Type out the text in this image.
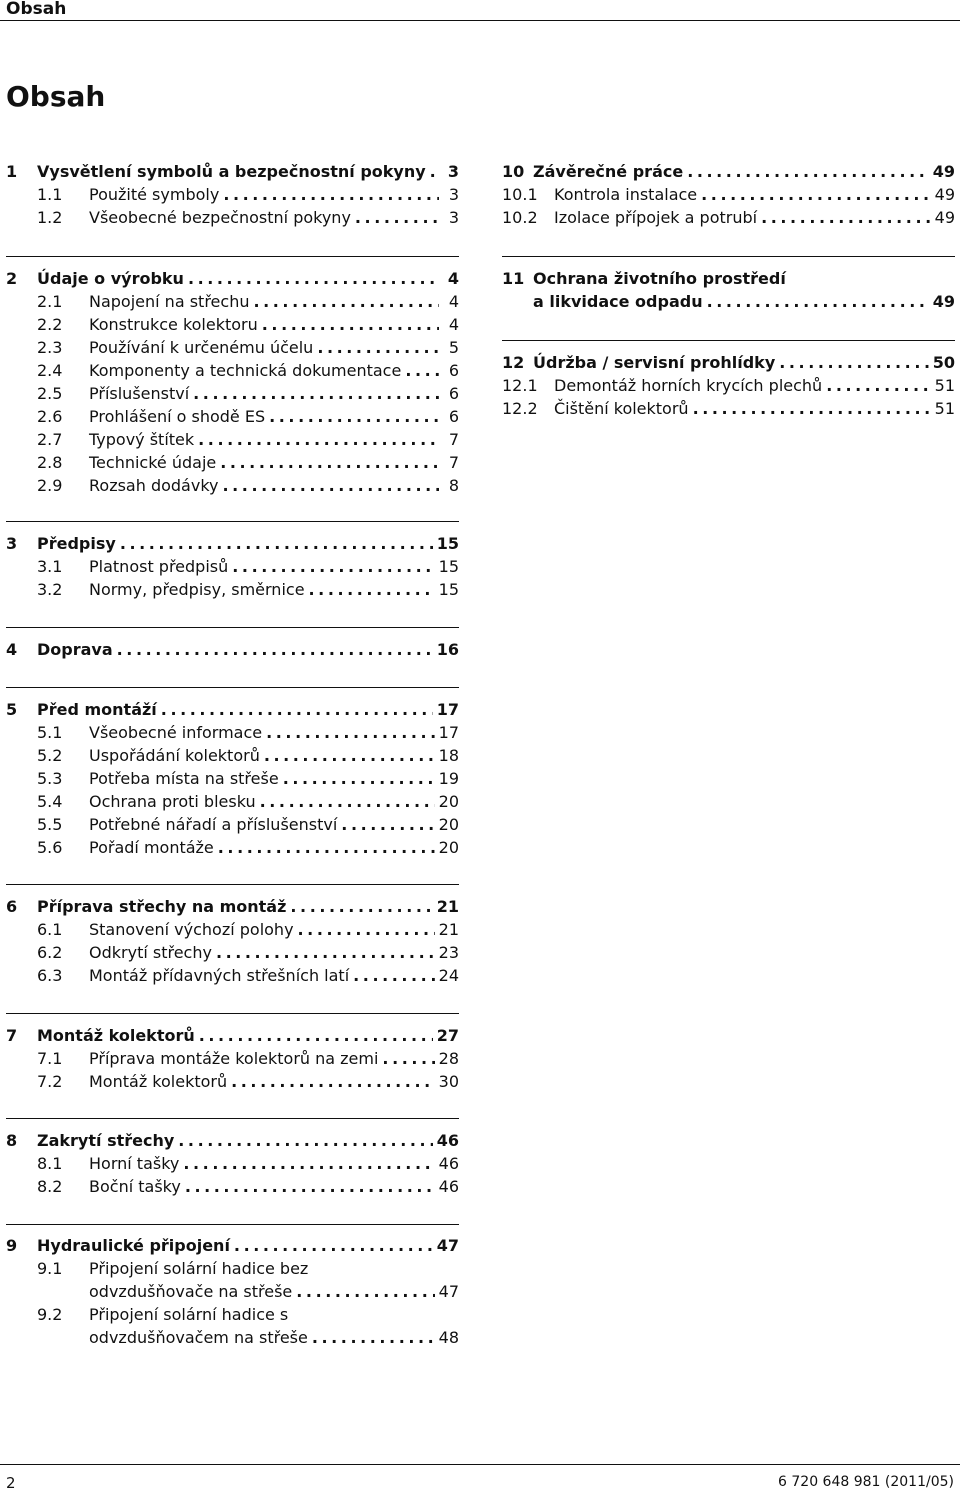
Obsah
Obsah
1	Vysvětlení symbolů a bezpečnostní pokyny . . .	3
1.1	Použité symboly . . .	3
1.2	Všeobecné bezpečnostní pokyny . . .	3
2	Údaje o výrobku . . .	4
2.1	Napojení na střechu . . .	4
2.2	Konstrukce kolektoru . . .	4
2.3	Používání k určenému účelu . . .	5
2.4	Komponenty a technická dokumentace . . .	6
2.5	Příslušenství . . .	6
2.6	Prohlášení o shodě ES . . .	6
2.7	Typový štítek . . .	7
2.8	Technické údaje . . .	7
2.9	Rozsah dodávky . . .	8
3	Předpisy . . .	15
3.1	Platnost předpisů . . .	15
3.2	Normy, předpisy, směrnice . . .	15
4	Doprava . . .	16
5	Před montáží . . .	17
5.1	Všeobecné informace . . .	17
5.2	Uspořádání kolektorů . . .	18
5.3	Potřeba místa na střeše . . .	19
5.4	Ochrana proti blesku . . .	20
5.5	Potřebné nářadí a příslušenství . . .	20
5.6	Pořadí montáže . . .	20
6	Příprava střechy na montáž . . .	21
6.1	Stanovení výchozí polohy . . .	21
6.2	Odkrytí střechy . . .	23
6.3	Montáž přídavných střešních latí . . .	24
7	Montáž kolektorů . . .	27
7.1	Příprava montáže kolektorů na zemi . . .	28
7.2	Montáž kolektorů . . .	30
8	Zakrytí střechy . . .	46
8.1	Horní tašky . . .	46
8.2	Boční tašky . . .	46
9	Hydraulické připojení . . .	47
9.1	Připojení solární hadice bez
odvzdušňovače na střeše . . .	47
9.2	Připojení solární hadice s
odvzdušňovačem na střeše . . .	48
10 Závěrečné práce . . .	49
10.1	Kontrola instalace . . .	49
10.2	Izolace přípojek a potrubí . . .	49
11 Ochrana životního prostředí
a likvidace odpadu . . .	49
12 Údržba / servisní prohlídky . . .	50
12.1	Demontáž horních krycích plechů . . .	51
12.2	Čištění kolektorů . . .	51
2	6 720 648 981 (2011/05)
